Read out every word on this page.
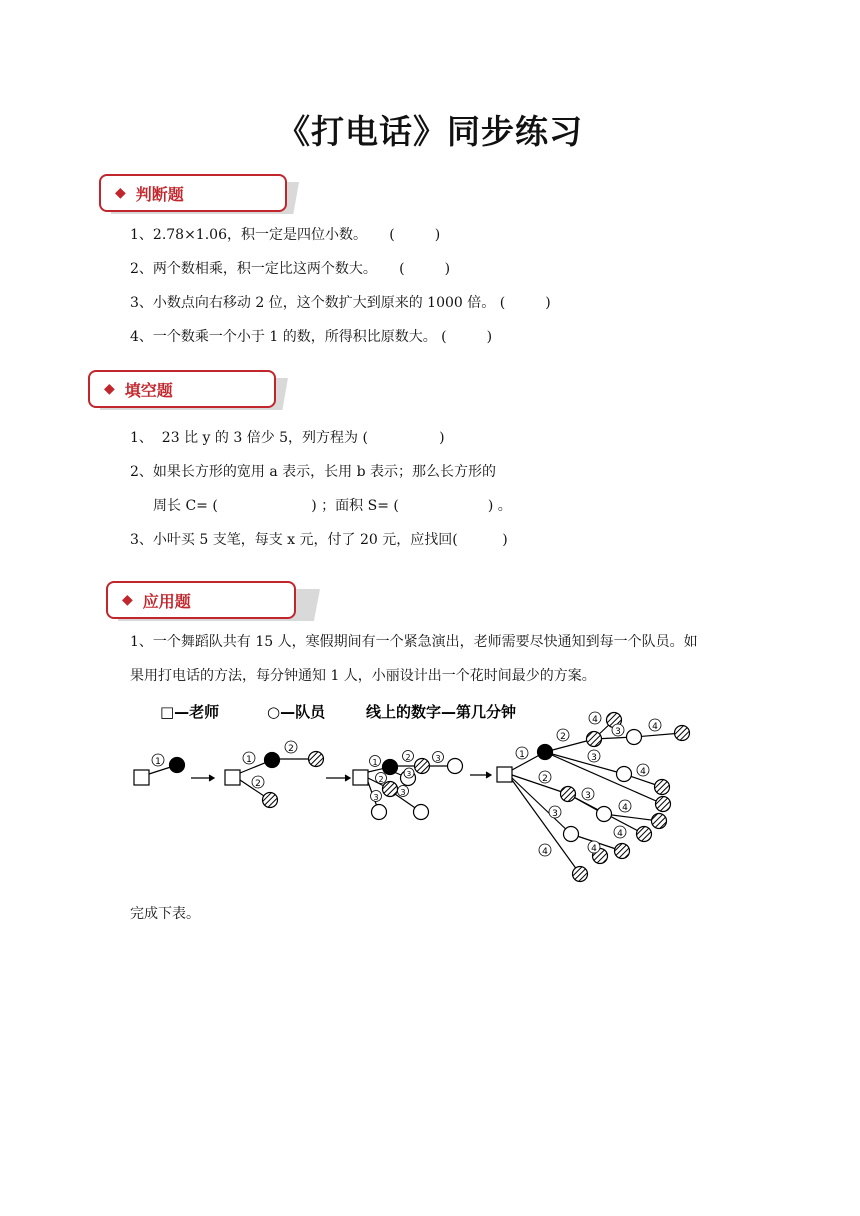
《打电话》同步练习
◆ 判断题
1、2.78×1.06，积一定是四位小数。     (         )
2、两个数相乘，积一定比这两个数大。     (         )
3、小数点向右移动 2 位，这个数扩大到原来的 1000 倍。 (         )
4、一个数乘一个小于 1 的数，所得积比原数大。 (         )
◆ 填空题
1、  23 比 y 的 3 倍少 5，列方程为 (                )
2、如果长方形的宽用 a 表示，长用 b 表示；那么长方形的
周长 C= (                     ) ；面积 S= (                    ) 。
3、小叶买 5 支笔，每支 x 元，付了 20 元，应找回(          )
◆ 应用题
1、一个舞蹈队共有 15 人，寒假期间有一个紧急演出，老师需要尽快通知到每一个队员。如
果用打电话的方法，每分钟通知 1 人，小丽设计出一个花时间最少的方案。
□—老师	○—队员	线上的数字—第几分钟
1	1
2
2
1
2	3
2
3
3
3
1
2
4
3	4
3
4
2
3
4
4
3
4
4
完成下表。
